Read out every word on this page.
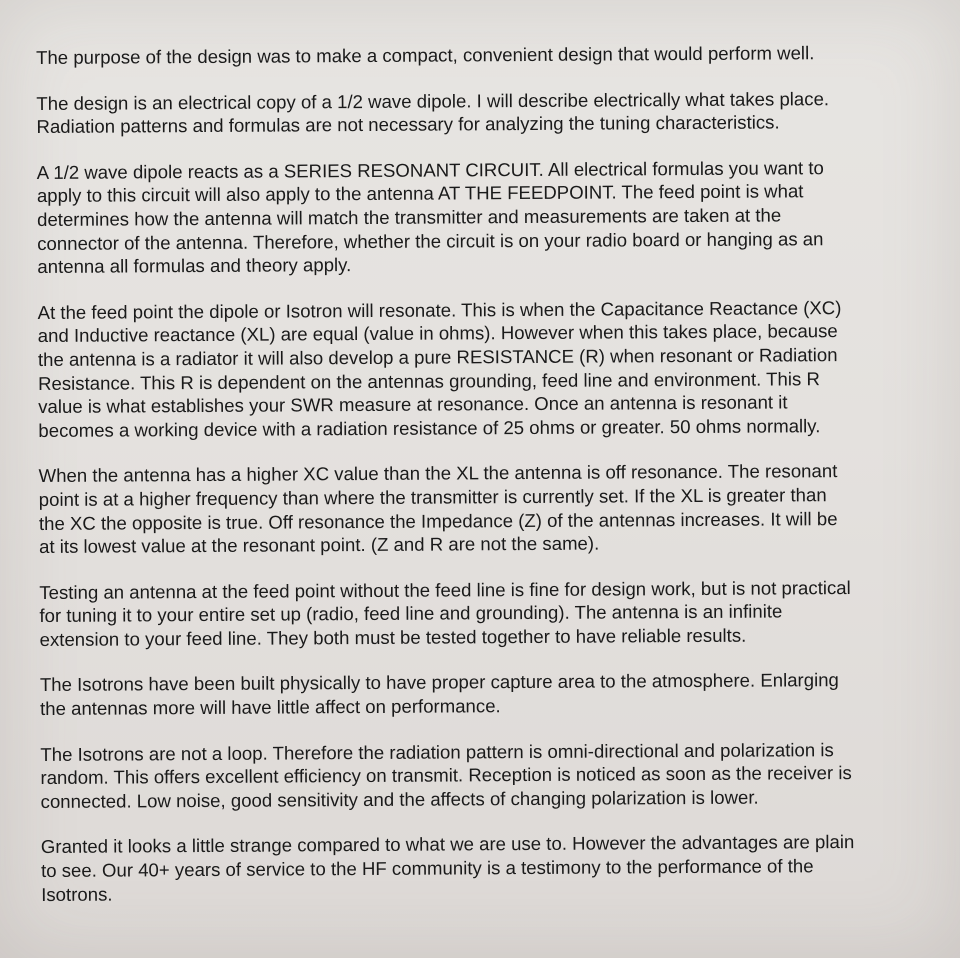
The purpose of the design was to make a compact, convenient design that would perform well.

The design is an electrical copy of a 1/2 wave dipole. I will describe electrically what takes place.
Radiation patterns and formulas are not necessary for analyzing the tuning characteristics.

A 1/2 wave dipole reacts as a SERIES RESONANT CIRCUIT. All electrical formulas you want to
apply to this circuit will also apply to the antenna AT THE FEEDPOINT. The feed point is what
determines how the antenna will match the transmitter and measurements are taken at the
connector of the antenna. Therefore, whether the circuit is on your radio board or hanging as an
antenna all formulas and theory apply.

At the feed point the dipole or Isotron will resonate. This is when the Capacitance Reactance (XC)
and Inductive reactance (XL) are equal (value in ohms). However when this takes place, because
the antenna is a radiator it will also develop a pure RESISTANCE (R) when resonant or Radiation
Resistance. This R is dependent on the antennas grounding, feed line and environment. This R
value is what establishes your SWR measure at resonance. Once an antenna is resonant it
becomes a working device with a radiation resistance of 25 ohms or greater. 50 ohms normally.

When the antenna has a higher XC value than the XL the antenna is off resonance. The resonant
point is at a higher frequency than where the transmitter is currently set. If the XL is greater than
the XC the opposite is true. Off resonance the Impedance (Z) of the antennas increases. It will be
at its lowest value at the resonant point. (Z and R are not the same).

Testing an antenna at the feed point without the feed line is fine for design work, but is not practical
for tuning it to your entire set up (radio, feed line and grounding). The antenna is an infinite
extension to your feed line. They both must be tested together to have reliable results.

The Isotrons have been built physically to have proper capture area to the atmosphere. Enlarging
the antennas more will have little affect on performance.

The Isotrons are not a loop. Therefore the radiation pattern is omni-directional and polarization is
random. This offers excellent efficiency on transmit. Reception is noticed as soon as the receiver is
connected. Low noise, good sensitivity and the affects of changing polarization is lower.

Granted it looks a little strange compared to what we are use to. However the advantages are plain
to see. Our 40+ years of service to the HF community is a testimony to the performance of the
Isotrons.
